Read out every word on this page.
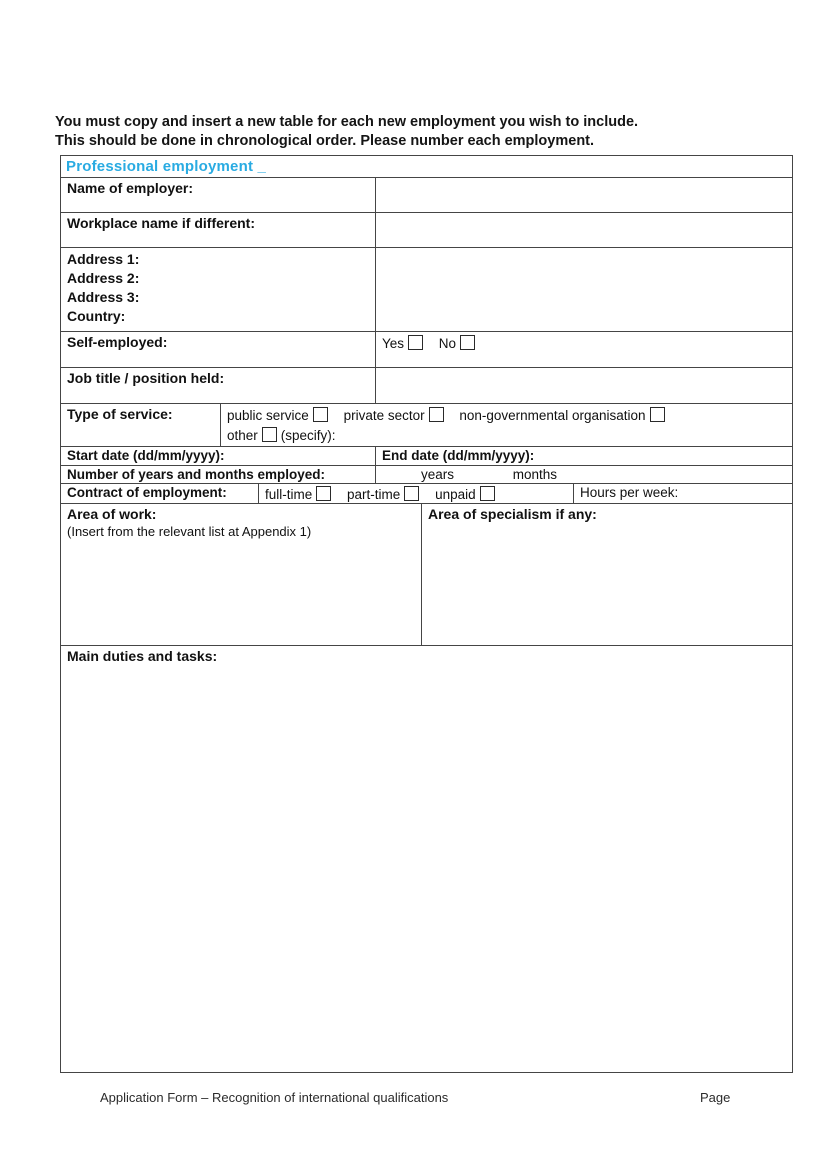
You must copy and insert a new table for each new employment you wish to include.
This should be done in chronological order. Please number each employment.

Professional employment _
Name of employer:
Workplace name if different:
Address 1:
Address 2:
Address 3:
Country:
Self-employed:	Yes	No
Job title / position held:
Type of service:	public service	private sector	non-governmental organisation
other (specify):
Start date (dd/mm/yyyy):	End date (dd/mm/yyyy):
Number of years and months employed:	years	months
Contract of employment:	full-time	part-time	unpaid	Hours per week:
Area of work:
(Insert from the relevant list at Appendix 1)
Area of specialism if any:
Main duties and tasks:
Application Form – Recognition of international qualifications	Page
